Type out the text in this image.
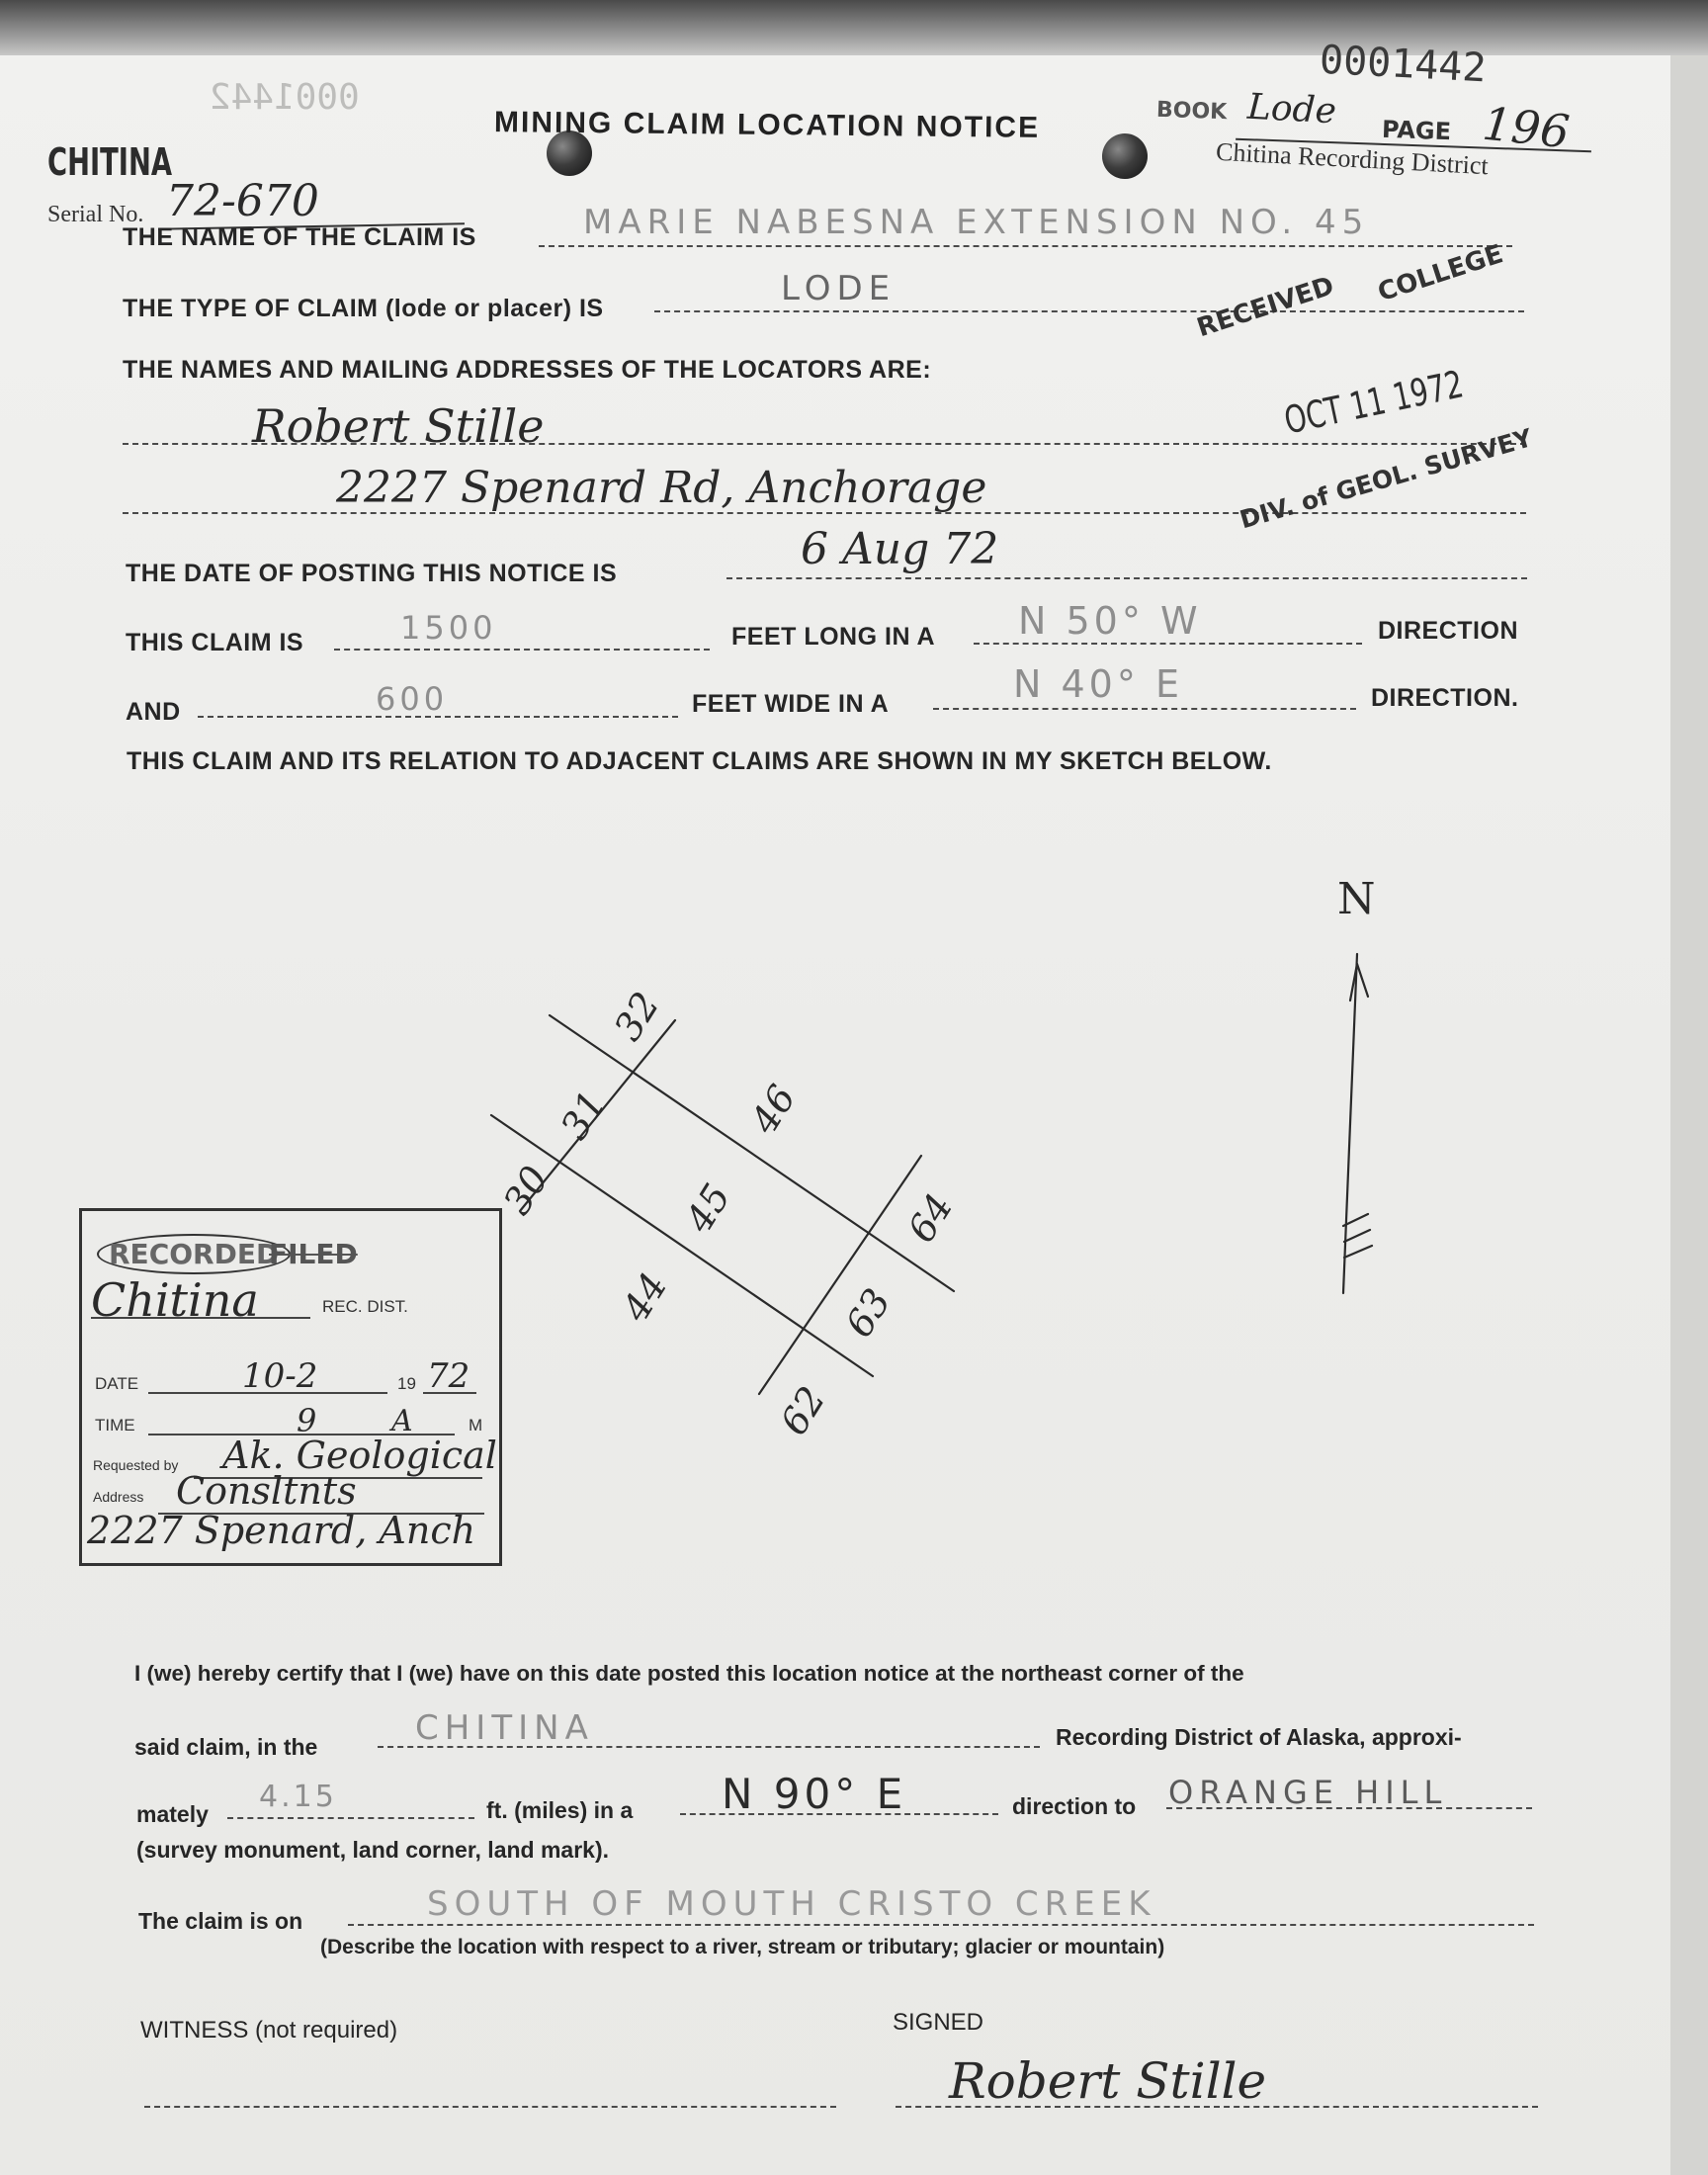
0001442
0001442
MINING CLAIM LOCATION NOTICE	BOOK Lode PAGE 196
Chitina Recording District
CHITINA
Serial No. 72-670
THE NAME OF THE CLAIM IS	MARIE NABESNA EXTENSION NO. 45
THE TYPE OF CLAIM (lode or placer) IS	LODE
THE NAMES AND MAILING ADDRESSES OF THE LOCATORS ARE:
Robert Stille
2227 Spenard Rd, Anchorage
THE DATE OF POSTING THIS NOTICE IS	6 Aug 72
THIS CLAIM IS	1500	FEET LONG IN A N 50° W	DIRECTION
AND	600	FEET WIDE IN A	N 40° E	DIRECTION.
THIS CLAIM AND ITS RELATION TO ADJACENT CLAIMS ARE SHOWN IN MY SKETCH BELOW.
RECEIVED COLLEGE
OCT 11 1972
DIV. of GEOL. SURVEY
N
30
31
32
46
45	64
44	63
62
RECORDED
FILED
Chitina	REC. DIST.
DATE	10-2	19 72
TIME	9	A	M
Requested by Ak. Geological
Address Consltnts
2227 Spenard, Anch
I (we) hereby certify that I (we) have on this date posted this location notice at the northeast corner of the
said claim, in the	CHITINA	Recording District of Alaska, approxi-
mately 4.15	ft. (miles) in a N 90° E	direction to ORANGE HILL
(survey monument, land corner, land mark).
The claim is on	SOUTH OF MOUTH CRISTO CREEK
(Describe the location with respect to a river, stream or tributary; glacier or mountain)
WITNESS (not required)	SIGNED
Robert Stille
